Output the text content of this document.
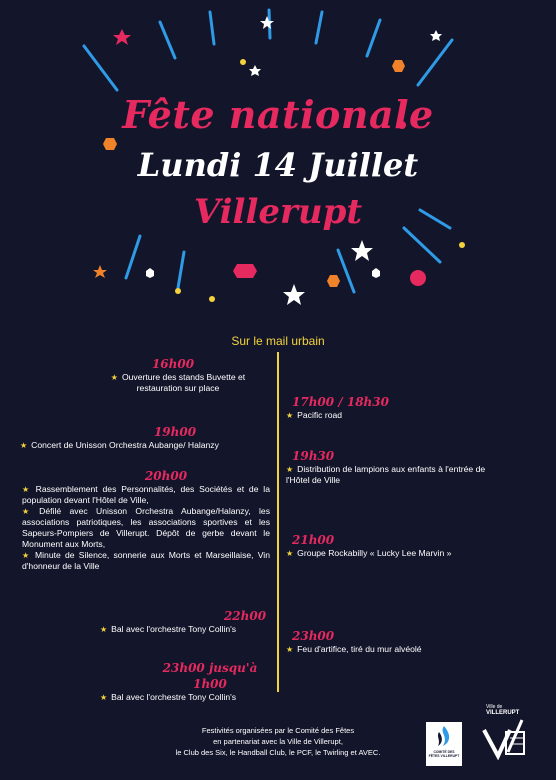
Fête nationale
Lundi 14 Juillet
Villerupt
Sur le mail urbain
16h00
★ Ouverture des stands Buvette et restauration sur place
19h00
★ Concert de Unisson Orchestra Aubange/ Halanzy
20h00
★ Rassemblement des Personnalités, des Sociétés et de la population devant l'Hôtel de Ville,
★ Défilé avec Unisson Orchestra Aubange/Halanzy, les associations patriotiques, les associations sportives et les Sapeurs-Pompiers de Villerupt. Dépôt de gerbe devant le Monument aux Morts,
★ Minute de Silence, sonnerie aux Morts et Marseillaise, Vin d'honneur de la Ville
22h00
★ Bal avec l'orchestre Tony Collin's
23h00 jusqu'à 1h00
★ Bal avec l'orchestre Tony Collin's
17h00 / 18h30
★ Pacific road
19h30
★ Distribution de lampions aux enfants à l'entrée de l'Hôtel de Ville
21h00
★ Groupe Rockabilly « Lucky Lee Marvin »
23h00
★ Feu d'artifice, tiré du mur alvéolé
Festivités organisées par le Comité des Fêtes
en partenariat avec la Ville de Villerupt,
le Club des Six, le Handball Club, le PCF, le Twirling et AVEC.	COMITÉ DES FÊTES VILLERUPT
Ville de
VILLERUPT
